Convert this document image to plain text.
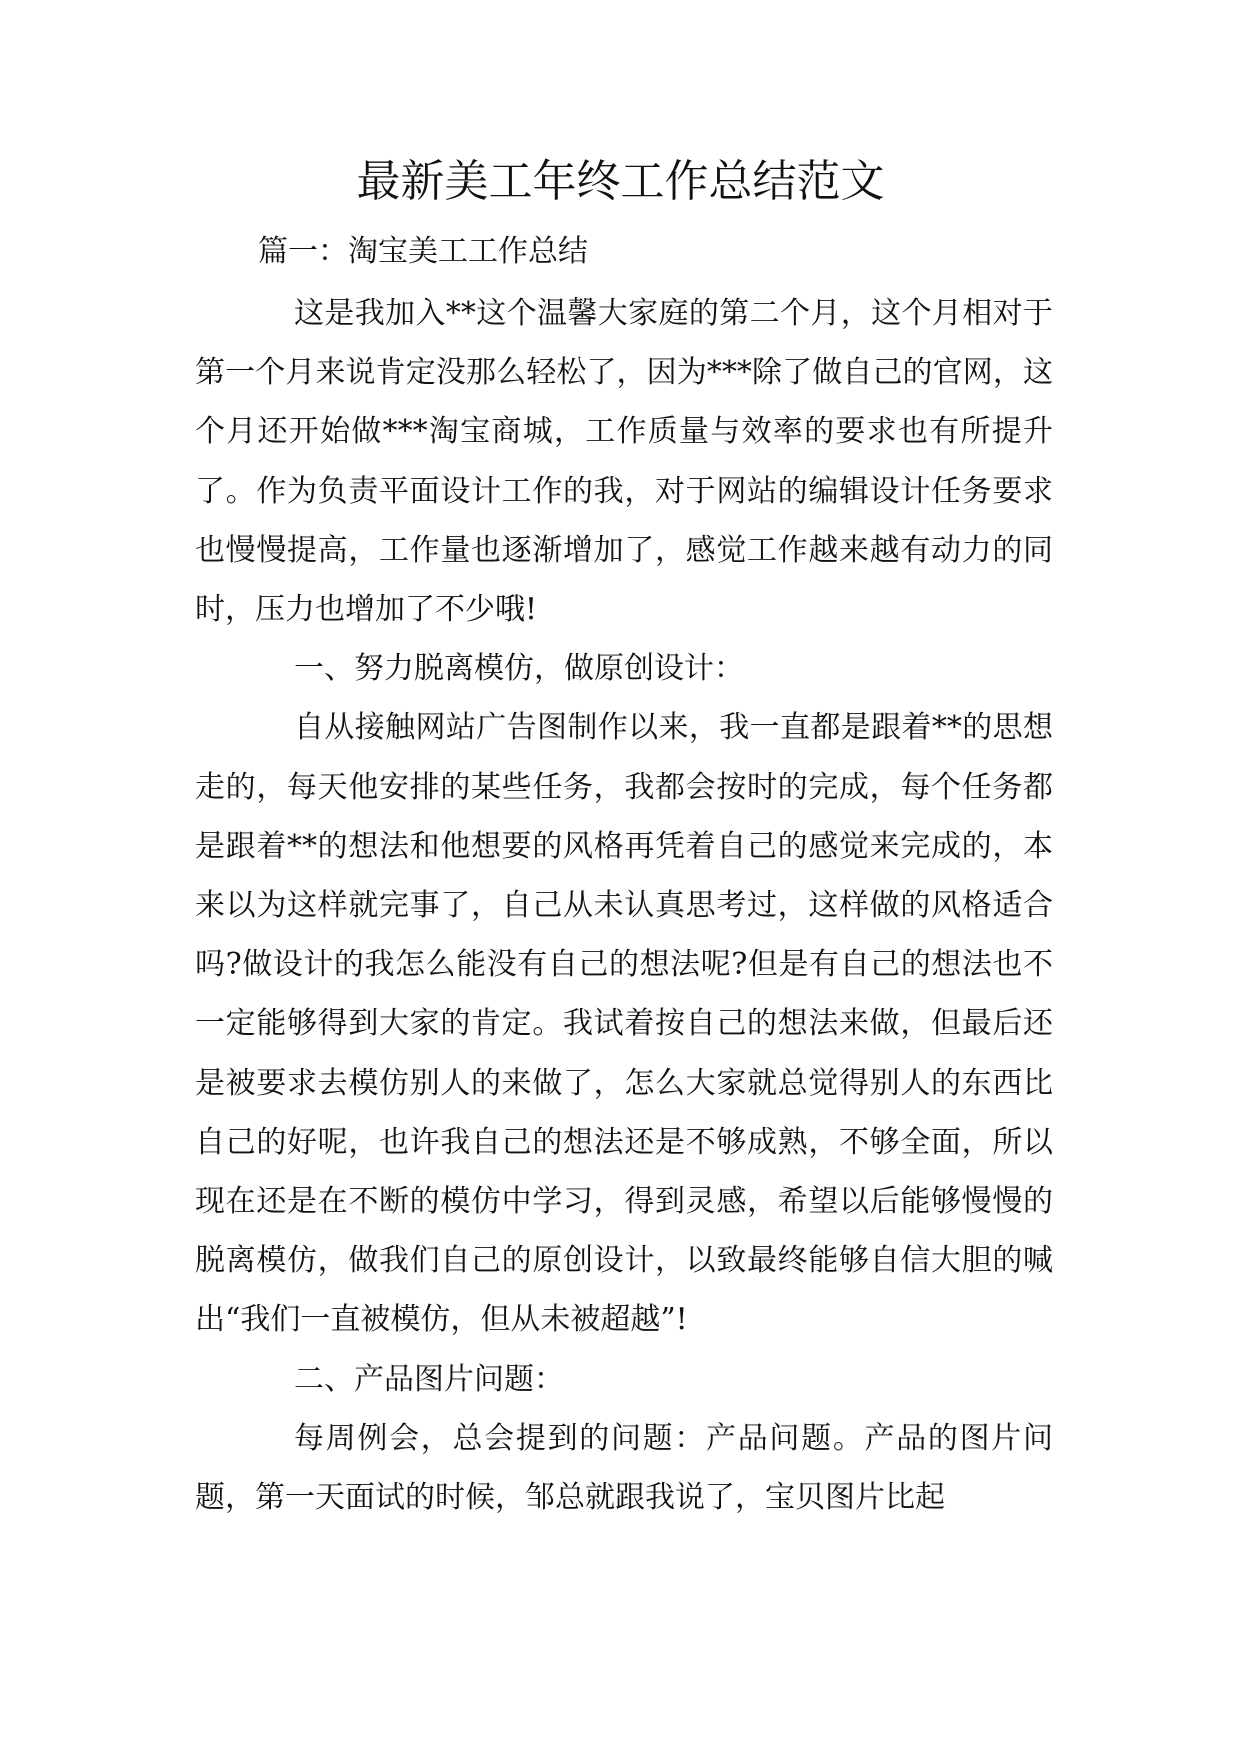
最新美工年终工作总结范文

篇一：淘宝美工工作总结

这是我加入**这个温馨大家庭的第二个月，这个月相对于第一个月来说肯定没那么轻松了，因为***除了做自己的官网，这个月还开始做***淘宝商城，工作质量与效率的要求也有所提升了。作为负责平面设计工作的我，对于网站的编辑设计任务要求也慢慢提高，工作量也逐渐增加了，感觉工作越来越有动力的同时，压力也增加了不少哦!

一、努力脱离模仿，做原创设计：

自从接触网站广告图制作以来，我一直都是跟着**的思想走的，每天他安排的某些任务，我都会按时的完成，每个任务都是跟着**的想法和他想要的风格再凭着自己的感觉来完成的，本来以为这样就完事了，自己从未认真思考过，这样做的风格适合吗?做设计的我怎么能没有自己的想法呢?但是有自己的想法也不一定能够得到大家的肯定。我试着按自己的想法来做，但最后还是被要求去模仿别人的来做了，怎么大家就总觉得别人的东西比自己的好呢，也许我自己的想法还是不够成熟，不够全面，所以现在还是在不断的模仿中学习，得到灵感，希望以后能够慢慢的脱离模仿，做我们自己的原创设计，以致最终能够自信大胆的喊出“我们一直被模仿，但从未被超越”!

二、产品图片问题：

每周例会，总会提到的问题：产品问题。产品的图片问题，第一天面试的时候，邹总就跟我说了，宝贝图片比起
